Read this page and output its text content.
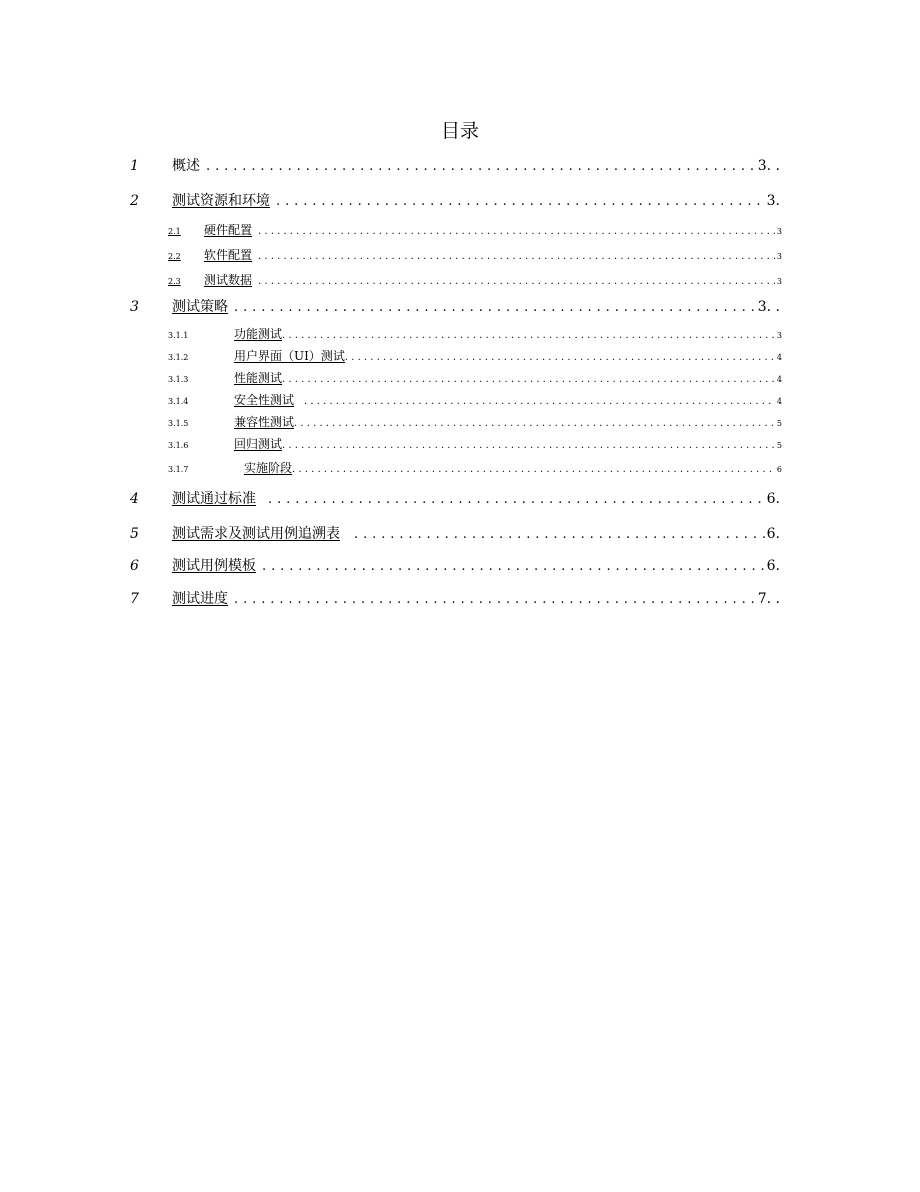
目录
1	概述 . . .	3. .
2	测试资源和环境 . . .	3.
2.1	硬件配置 . . .	3
2.2	软件配置 . . .	3
2.3	测试数据 . . .	3
3	测试策略 . . .	3. .
3.1.1	功能测试 . . .	3
3.1.2	用户界面（UI）测试 . . .	4
3.1.3	性能测试 . . .	4
3.1.4	安全性测试 . . .	4
3.1.5	兼容性测试 . . .	5
3.1.6	回归测试 . . .	5
3.1.7	实施阶段 . . .	6
4	测试通过标准 . . .	6.
5	测试需求及测试用例追溯表 . . .	6.
6	测试用例模板 . . .	6.
7	测试进度 . . .	7. .
